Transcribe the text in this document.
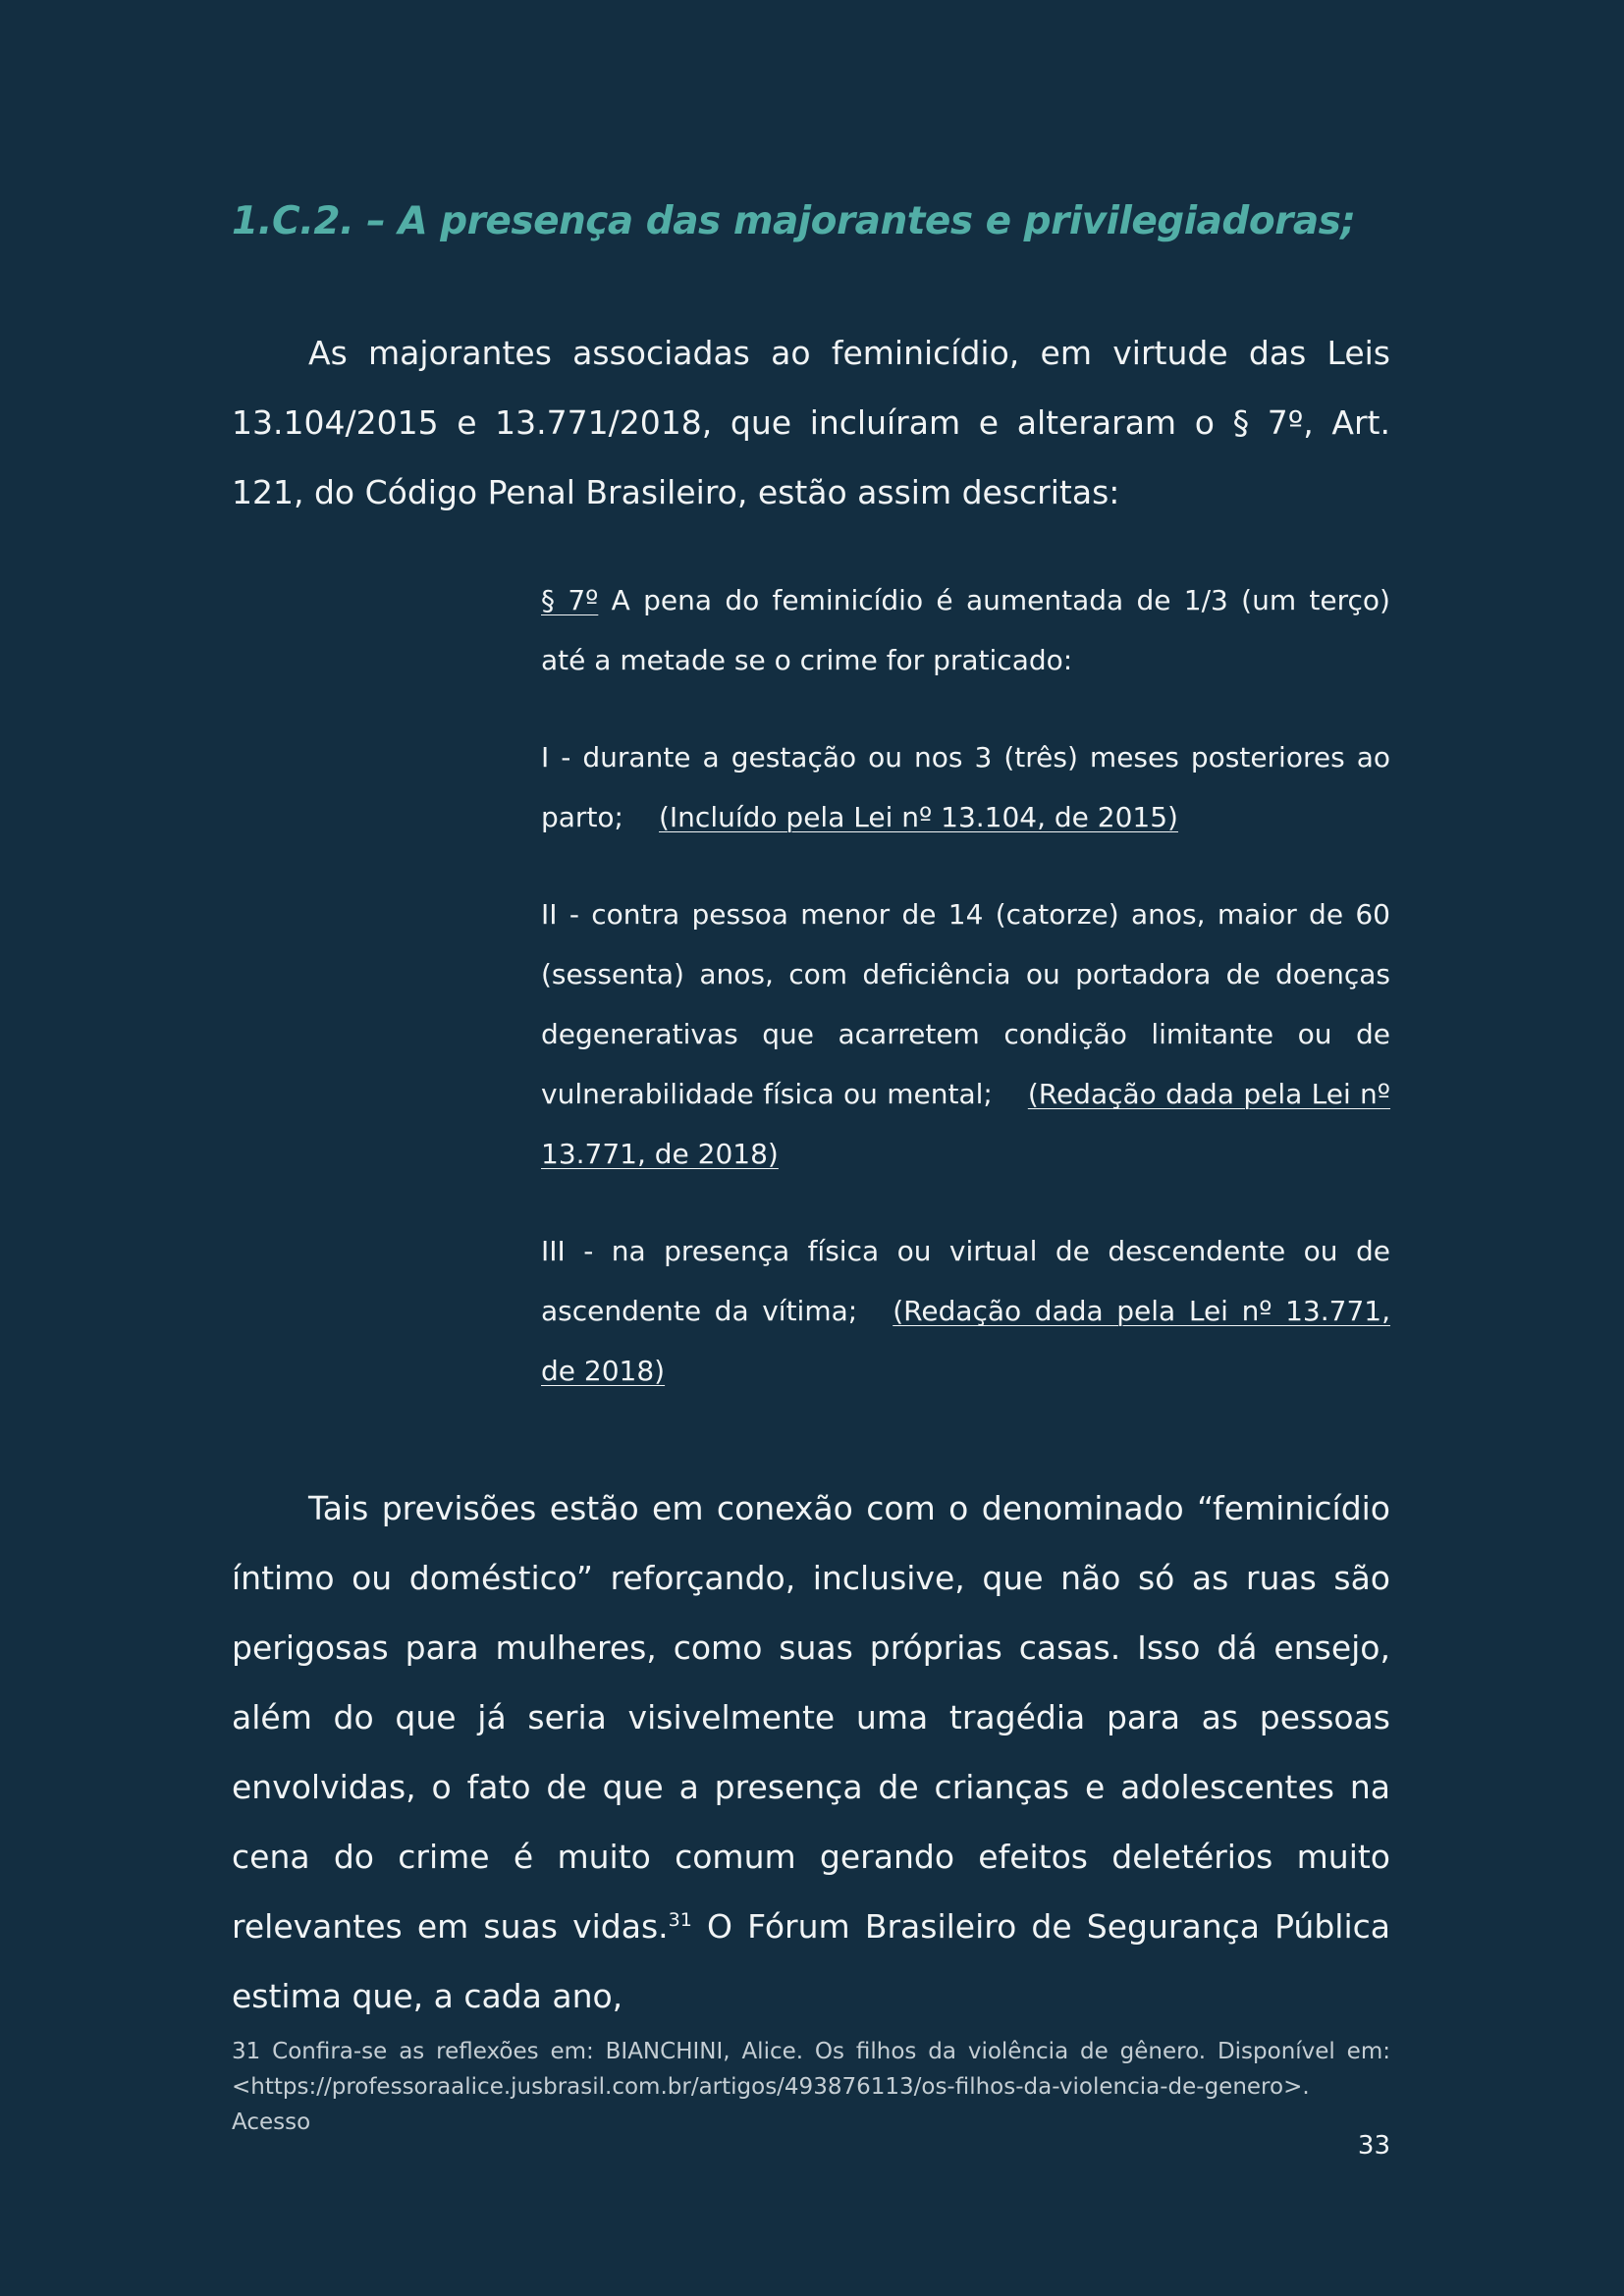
1.C.2. – A presença das majorantes e privilegiadoras;

As majorantes associadas ao feminicídio, em virtude das Leis 13.104/2015 e 13.771/2018, que incluíram e alteraram o § 7º, Art. 121, do Código Penal Brasileiro, estão assim descritas:

§ 7º A pena do feminicídio é aumentada de 1/3 (um terço) até a metade se o crime for praticado:

I - durante a gestação ou nos 3 (três) meses posteriores ao parto; (Incluído pela Lei nº 13.104, de 2015)

II - contra pessoa menor de 14 (catorze) anos, maior de 60 (sessenta) anos, com deficiência ou portadora de doenças degenerativas que acarretem condição limitante ou de vulnerabilidade física ou mental; (Redação dada pela Lei nº 13.771, de 2018)

III - na presença física ou virtual de descendente ou de ascendente da vítima; (Redação dada pela Lei nº 13.771, de 2018)

Tais previsões estão em conexão com o denominado “feminicídio íntimo ou doméstico” reforçando, inclusive, que não só as ruas são perigosas para mulheres, como suas próprias casas. Isso dá ensejo, além do que já seria visivelmente uma tragédia para as pessoas envolvidas, o fato de que a presença de crianças e adolescentes na cena do crime é muito comum gerando efeitos deletérios muito relevantes em suas vidas.$^{31}$ O Fórum Brasileiro de Segurança Pública estima que, a cada ano,

31 Confira-se as reflexões em: BIANCHINI, Alice. Os filhos da violência de gênero. Disponível em: <https://professoraalice.jusbrasil.com.br/artigos/493876113/os-filhos-da-violencia-de-genero>. Acesso

33
